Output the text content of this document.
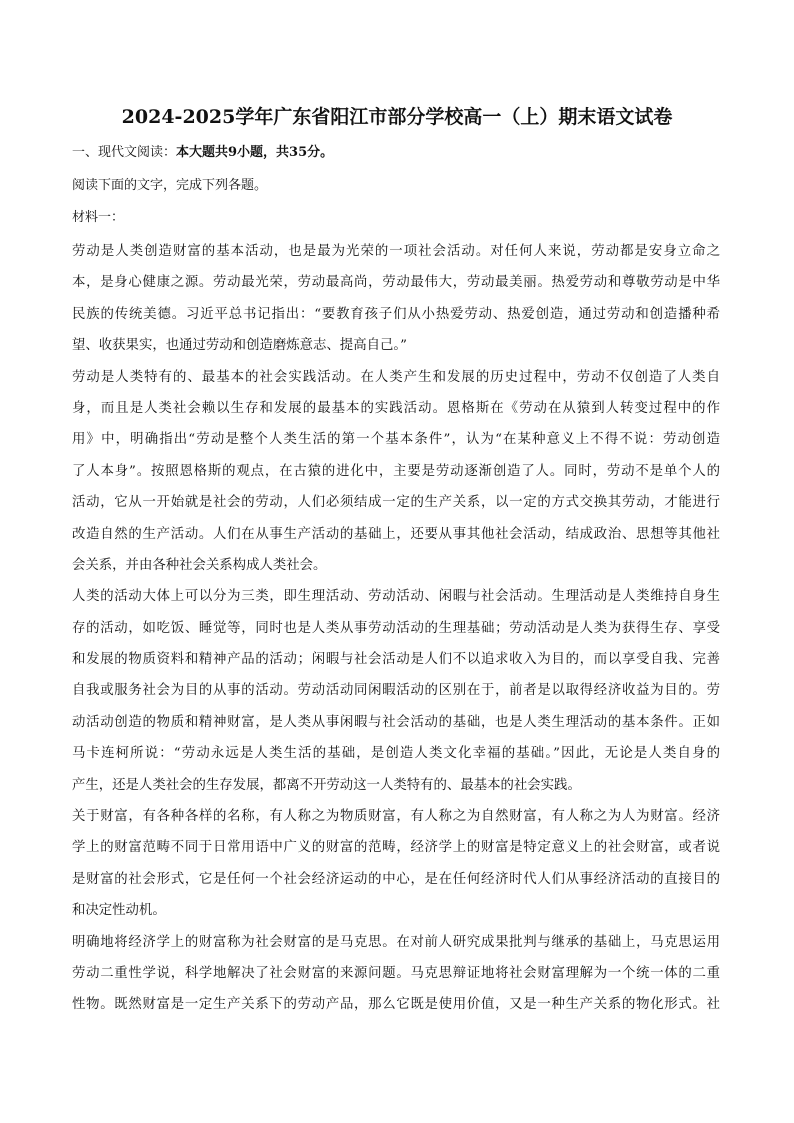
2024-2025学年广东省阳江市部分学校高一（上）期末语文试卷
一、现代文阅读：本大题共9小题，共35分。
阅读下面的文字，完成下列各题。
材料一：
劳动是人类创造财富的基本活动，也是最为光荣的一项社会活动。对任何人来说，劳动都是安身立命之
本，是身心健康之源。劳动最光荣，劳动最高尚，劳动最伟大，劳动最美丽。热爱劳动和尊敬劳动是中华
民族的传统美德。习近平总书记指出：“要教育孩子们从小热爱劳动、热爱创造，通过劳动和创造播种希
望、收获果实，也通过劳动和创造磨炼意志、提高自己。”
劳动是人类特有的、最基本的社会实践活动。在人类产生和发展的历史过程中，劳动不仅创造了人类自
身，而且是人类社会赖以生存和发展的最基本的实践活动。恩格斯在《劳动在从猿到人转变过程中的作
用》中，明确指出“劳动是整个人类生活的第一个基本条件”，认为“在某种意义上不得不说：劳动创造
了人本身”。按照恩格斯的观点，在古猿的进化中，主要是劳动逐渐创造了人。同时，劳动不是单个人的
活动，它从一开始就是社会的劳动，人们必须结成一定的生产关系，以一定的方式交换其劳动，才能进行
改造自然的生产活动。人们在从事生产活动的基础上，还要从事其他社会活动，结成政治、思想等其他社
会关系，并由各种社会关系构成人类社会。
人类的活动大体上可以分为三类，即生理活动、劳动活动、闲暇与社会活动。生理活动是人类维持自身生
存的活动，如吃饭、睡觉等，同时也是人类从事劳动活动的生理基础；劳动活动是人类为获得生存、享受
和发展的物质资料和精神产品的活动；闲暇与社会活动是人们不以追求收入为目的，而以享受自我、完善
自我或服务社会为目的从事的活动。劳动活动同闲暇活动的区别在于，前者是以取得经济收益为目的。劳
动活动创造的物质和精神财富，是人类从事闲暇与社会活动的基础，也是人类生理活动的基本条件。正如
马卡连柯所说：“劳动永远是人类生活的基础，是创造人类文化幸福的基础。”因此，无论是人类自身的
产生，还是人类社会的生存发展，都离不开劳动这一人类特有的、最基本的社会实践。
关于财富，有各种各样的名称，有人称之为物质财富，有人称之为自然财富，有人称之为人为财富。经济
学上的财富范畴不同于日常用语中广义的财富的范畴，经济学上的财富是特定意义上的社会财富，或者说
是财富的社会形式，它是任何一个社会经济运动的中心，是在任何经济时代人们从事经济活动的直接目的
和决定性动机。
明确地将经济学上的财富称为社会财富的是马克思。在对前人研究成果批判与继承的基础上，马克思运用
劳动二重性学说，科学地解决了社会财富的来源问题。马克思辩证地将社会财富理解为一个统一体的二重
性物。既然财富是一定生产关系下的劳动产品，那么它既是使用价值，又是一种生产关系的物化形式。社
